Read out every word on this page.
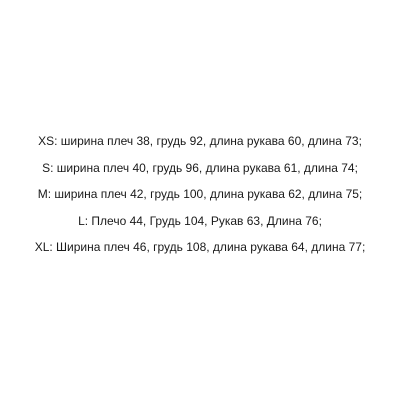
XS: ширина плеч 38, грудь 92, длина рукава 60, длина 73;
S: ширина плеч 40, грудь 96, длина рукава 61, длина 74;
M: ширина плеч 42, грудь 100, длина рукава 62, длина 75;
L: Плечо 44, Грудь 104, Рукав 63, Длина 76;
XL: Ширина плеч 46, грудь 108, длина рукава 64, длина 77;
